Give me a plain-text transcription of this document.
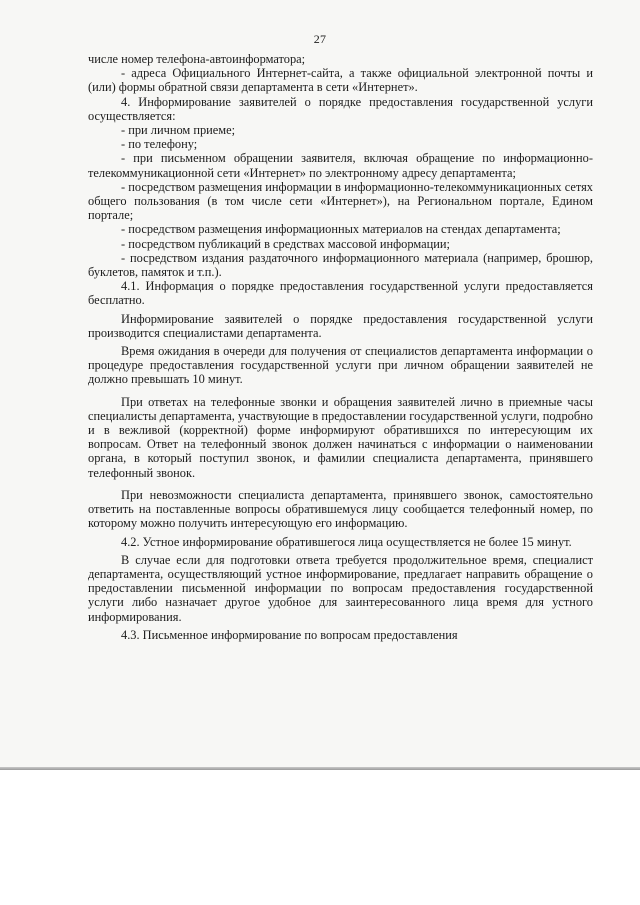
27

числе номер телефона-автоинформатора;

- адреса Официального Интернет-сайта, а также официальной электронной почты и (или) формы обратной связи департамента в сети «Интернет».

4. Информирование заявителей о порядке предоставления государственной услуги осуществляется:

- при личном приеме;

- по телефону;

- при письменном обращении заявителя, включая обращение по информационно-телекоммуникационной сети «Интернет» по электронному адресу департамента;

- посредством размещения информации в информационно-телекоммуникационных сетях общего пользования (в том числе сети «Интернет»), на Региональном портале, Едином портале;

- посредством размещения информационных материалов на стендах департамента;

- посредством публикаций в средствах массовой информации;

- посредством издания раздаточного информационного материала (например, брошюр, буклетов, памяток и т.п.).

4.1. Информация о порядке предоставления государственной услуги предоставляется бесплатно.

Информирование заявителей о порядке предоставления государственной услуги производится специалистами департамента.

Время ожидания в очереди для получения от специалистов департамента информации о процедуре предоставления государственной услуги при личном обращении заявителей не должно превышать 10 минут.

При ответах на телефонные звонки и обращения заявителей лично в приемные часы специалисты департамента, участвующие в предоставлении государственной услуги, подробно и в вежливой (корректной) форме информируют обратившихся по интересующим их вопросам. Ответ на телефонный звонок должен начинаться с информации о наименовании органа, в который поступил звонок, и фамилии специалиста департамента, принявшего телефонный звонок.

При невозможности специалиста департамента, принявшего звонок, самостоятельно ответить на поставленные вопросы обратившемуся лицу сообщается телефонный номер, по которому можно получить интересующую его информацию.

4.2. Устное информирование обратившегося лица осуществляется не более 15 минут.

В случае если для подготовки ответа требуется продолжительное время, специалист департамента, осуществляющий устное информирование, предлагает направить обращение о предоставлении письменной информации по вопросам предоставления государственной услуги либо назначает другое удобное для заинтересованного лица время для устного информирования.

4.3. Письменное информирование по вопросам предоставления
